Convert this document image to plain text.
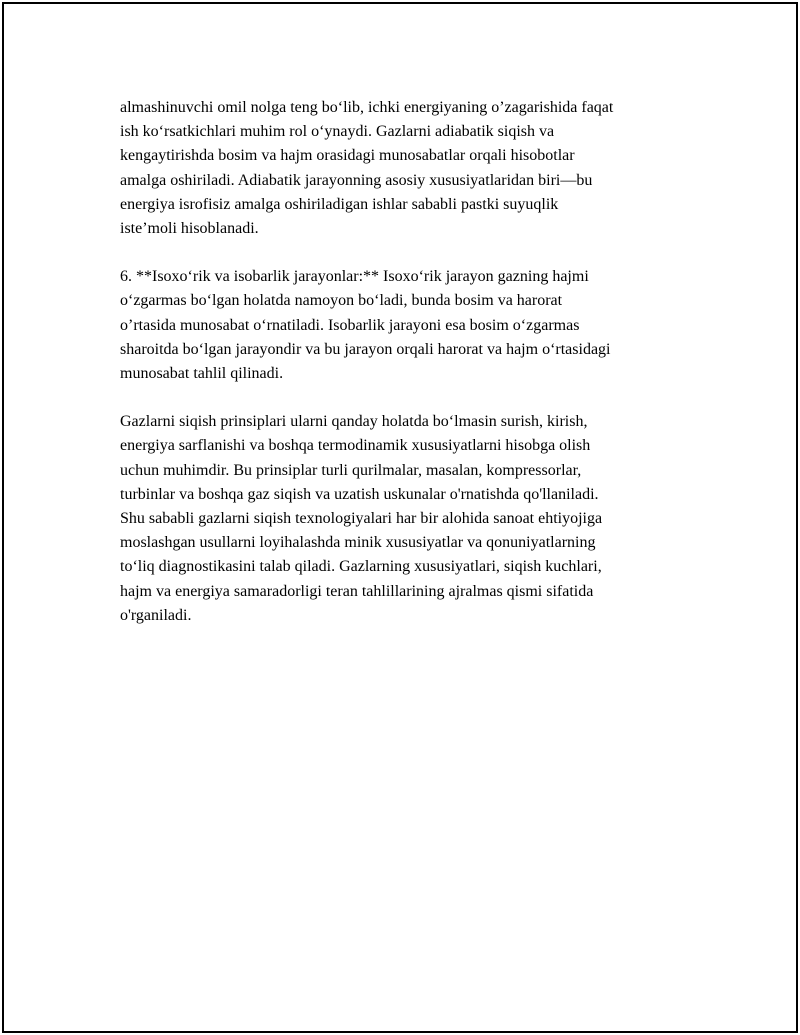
almashinuvchi omil nolga teng bo‘lib, ichki energiyaning o’zagarishida faqat
ish ko‘rsatkichlari muhim rol o‘ynaydi. Gazlarni adiabatik siqish va
kengaytirishda bosim va hajm orasidagi munosabatlar orqali hisobotlar
amalga oshiriladi. Adiabatik jarayonning asosiy xususiyatlaridan biri—bu
energiya isrofisiz amalga oshiriladigan ishlar sababli pastki suyuqlik
iste’moli hisoblanadi.

6. **Isoxo‘rik va isobarlik jarayonlar:** Isoxo‘rik jarayon gazning hajmi
o‘zgarmas bo‘lgan holatda namoyon bo‘ladi, bunda bosim va harorat
o’rtasida munosabat o‘rnatiladi. Isobarlik jarayoni esa bosim o‘zgarmas
sharoitda bo‘lgan jarayondir va bu jarayon orqali harorat va hajm o‘rtasidagi
munosabat tahlil qilinadi.

Gazlarni siqish prinsiplari ularni qanday holatda bo‘lmasin surish, kirish,
energiya sarflanishi va boshqa termodinamik xususiyatlarni hisobga olish
uchun muhimdir. Bu prinsiplar turli qurilmalar, masalan, kompressorlar,
turbinlar va boshqa gaz siqish va uzatish uskunalar o'rnatishda qo'llaniladi.
Shu sababli gazlarni siqish texnologiyalari har bir alohida sanoat ehtiyojiga
moslashgan usullarni loyihalashda minik xususiyatlar va qonuniyatlarning
to‘liq diagnostikasini talab qiladi. Gazlarning xususiyatlari, siqish kuchlari,
hajm va energiya samaradorligi teran tahlillarining ajralmas qismi sifatida
o'rganiladi.
